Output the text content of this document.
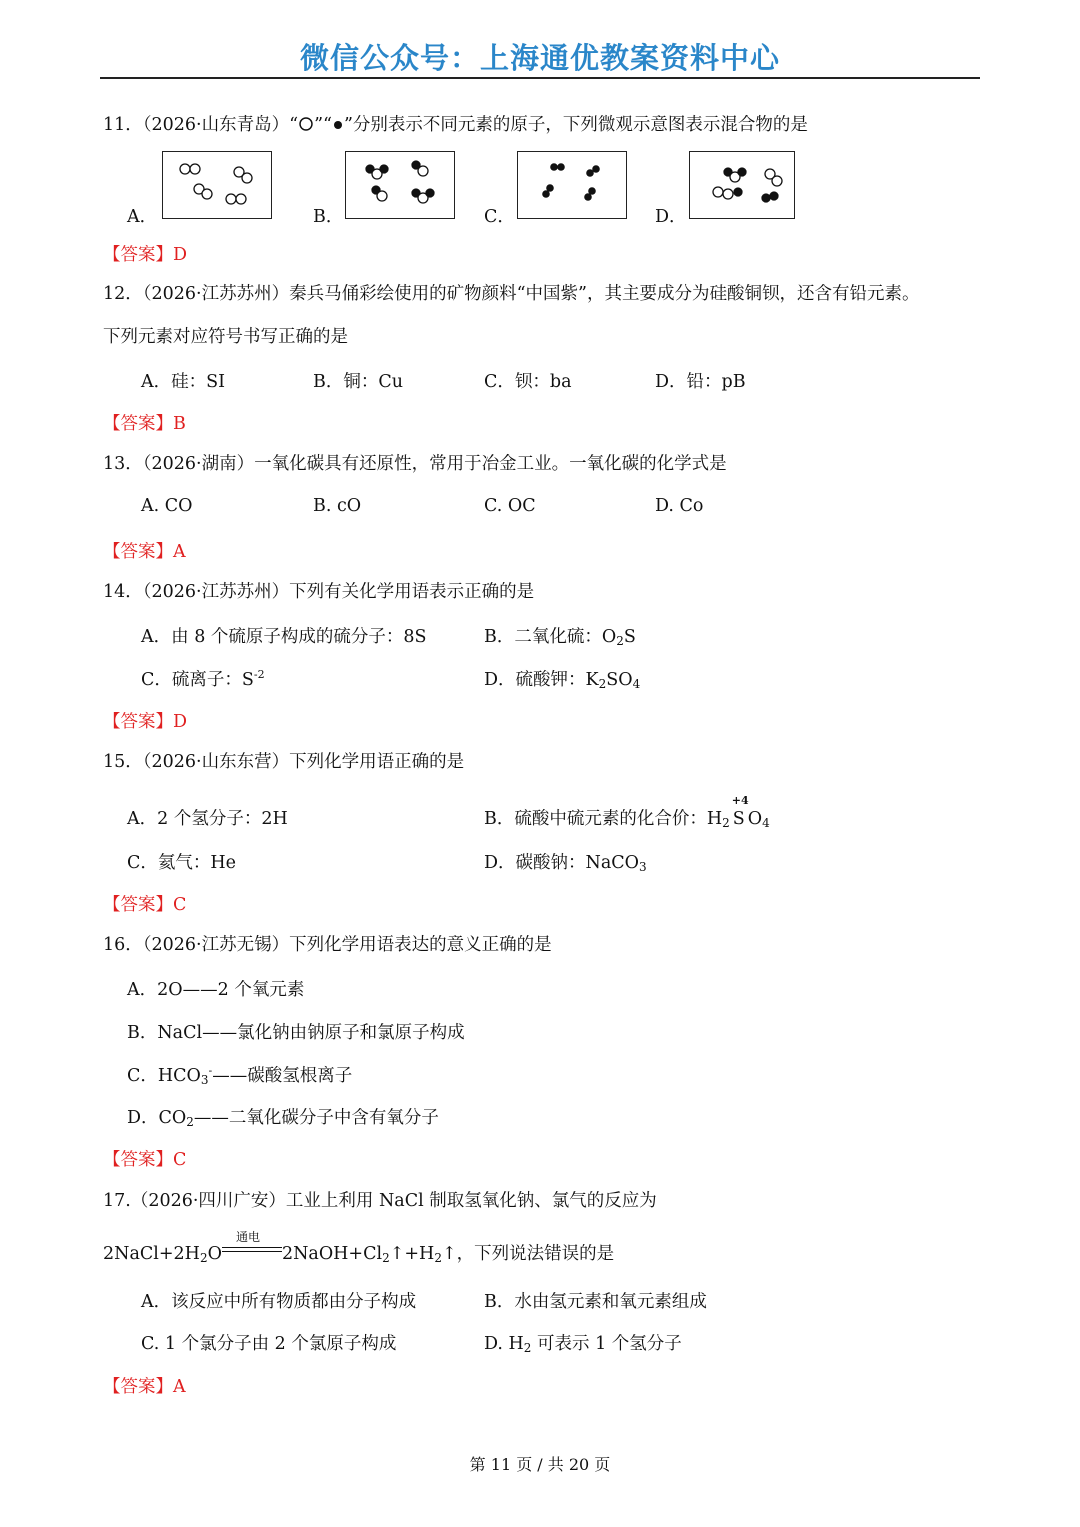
微信公众号：上海通优教案资料中心
11．（2026·山东青岛）“ ”“ ”分别表示不同元素的原子，下列微观示意图表示混合物的是
A．	B．	C．	D．
【答案】D
12．（2026·江苏苏州）秦兵马俑彩绘使用的矿物颜料“中国紫”，其主要成分为硅酸铜钡，还含有铅元素。
下列元素对应符号书写正确的是
A．硅：SI	B．铜：Cu	C．钡：ba	D．铅：pB
【答案】B
13．（2026·湖南）一氧化碳具有还原性，常用于冶金工业。一氧化碳的化学式是
A. CO	B. cO	C. OC	D. Co
【答案】A
14．（2026·江苏苏州）下列有关化学用语表示正确的是
A．由 8 个硫原子构成的硫分子：8S	B．二氧化硫：$O_2S$
C．硫离子：$S^{-2}$	D．硫酸钾：$K_2SO_4$
【答案】D
15．（2026·山东东营）下列化学用语正确的是
A．2 个氢分子：2H	B．硫酸中硫元素的化合价：$H_2$
+4
S $O_4$
C．氦气：He	D．碳酸钠：NaCO$_3$
【答案】C
16．（2026·江苏无锡）下列化学用语表达的意义正确的是
A．2O——2 个氧元素
B．NaCl——氯化钠由钠原子和氯原子构成
C．$HCO_3^-——$碳酸氢根离子
D．$CO_2——$二氧化碳分子中含有氧分子
【答案】C
17.（2026·四川广安）工业上利用 NaCl 制取氢氧化钠、氯气的反应为
$2NaCl+2H_2O$
通电
$2NaOH+Cl_2↑+H_2↑$，下列说法错误的是
A．该反应中所有物质都由分子构成	B．水由氢元素和氧元素组成
C. 1 个氯分子由 2 个氯原子构成	D. $H_2$ 可表示 1 个氢分子
【答案】A
第 11 页 / 共 20 页
